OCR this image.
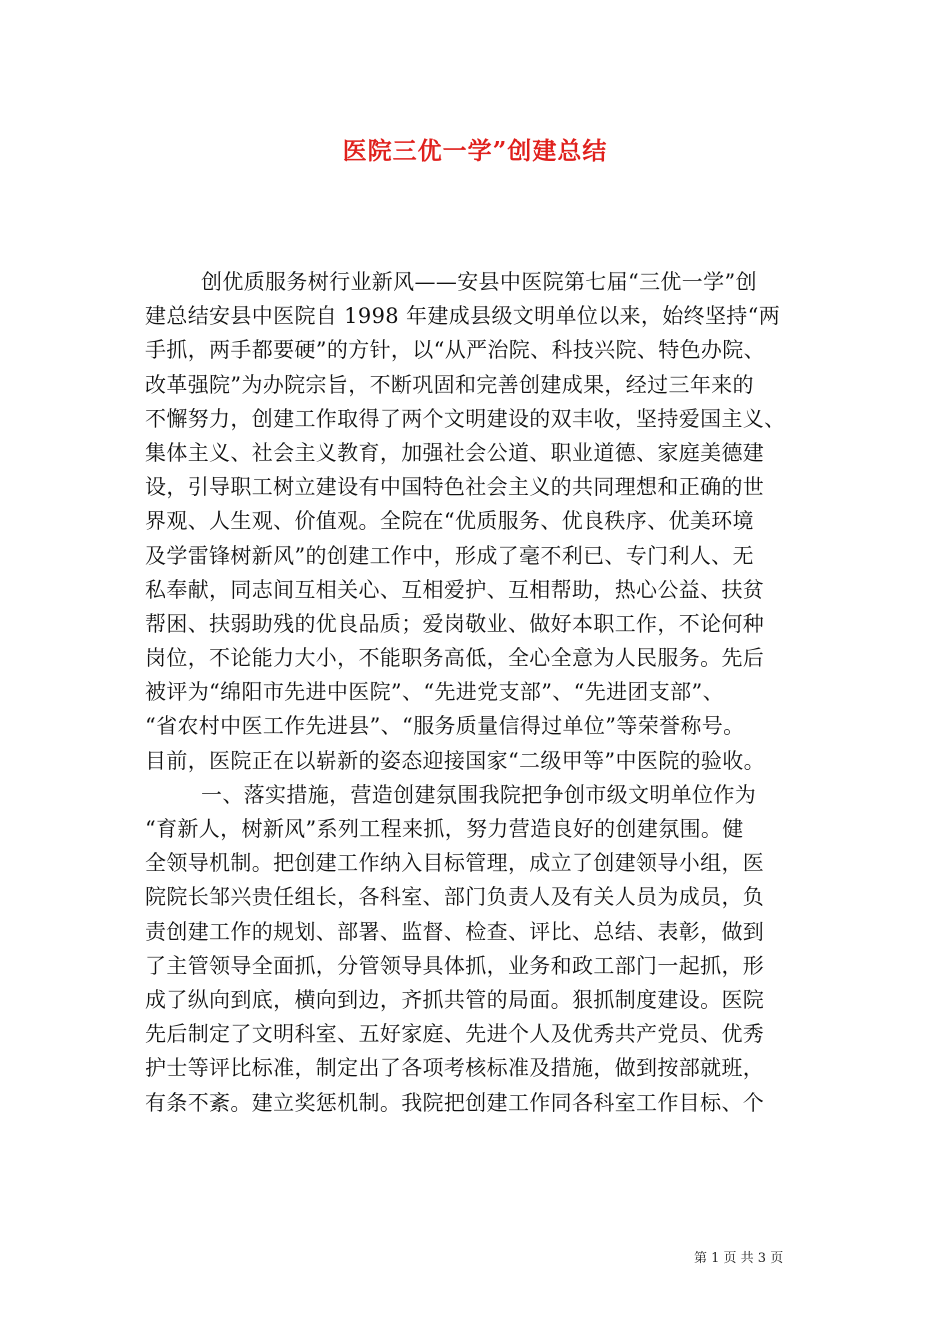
医院三优一学”创建总结
创优质服务树行业新风——安县中医院第七届“三优一学”创
建总结安县中医院自 1998 年建成县级文明单位以来，始终坚持“两
手抓，两手都要硬”的方针，以“从严治院、科技兴院、特色办院、
改革强院”为办院宗旨，不断巩固和完善创建成果，经过三年来的
不懈努力，创建工作取得了两个文明建设的双丰收，坚持爱国主义、
集体主义、社会主义教育，加强社会公道、职业道德、家庭美德建
设，引导职工树立建设有中国特色社会主义的共同理想和正确的世
界观、人生观、价值观。全院在“优质服务、优良秩序、优美环境
及学雷锋树新风”的创建工作中，形成了毫不利已、专门利人、无
私奉献，同志间互相关心、互相爱护、互相帮助，热心公益、扶贫
帮困、扶弱助残的优良品质；爱岗敬业、做好本职工作，不论何种
岗位，不论能力大小，不能职务高低，全心全意为人民服务。先后
被评为“绵阳市先进中医院”、“先进党支部”、“先进团支部”、
“省农村中医工作先进县”、“服务质量信得过单位”等荣誉称号。
目前，医院正在以崭新的姿态迎接国家“二级甲等”中医院的验收。
一、落实措施，营造创建氛围我院把争创市级文明单位作为
“育新人，树新风”系列工程来抓，努力营造良好的创建氛围。健
全领导机制。把创建工作纳入目标管理，成立了创建领导小组，医
院院长邹兴贵任组长，各科室、部门负责人及有关人员为成员，负
责创建工作的规划、部署、监督、检查、评比、总结、表彰，做到
了主管领导全面抓，分管领导具体抓，业务和政工部门一起抓，形
成了纵向到底，横向到边，齐抓共管的局面。狠抓制度建设。医院
先后制定了文明科室、五好家庭、先进个人及优秀共产党员、优秀
护士等评比标准，制定出了各项考核标准及措施，做到按部就班，
有条不紊。建立奖惩机制。我院把创建工作同各科室工作目标、个
第 1 页 共 3 页
